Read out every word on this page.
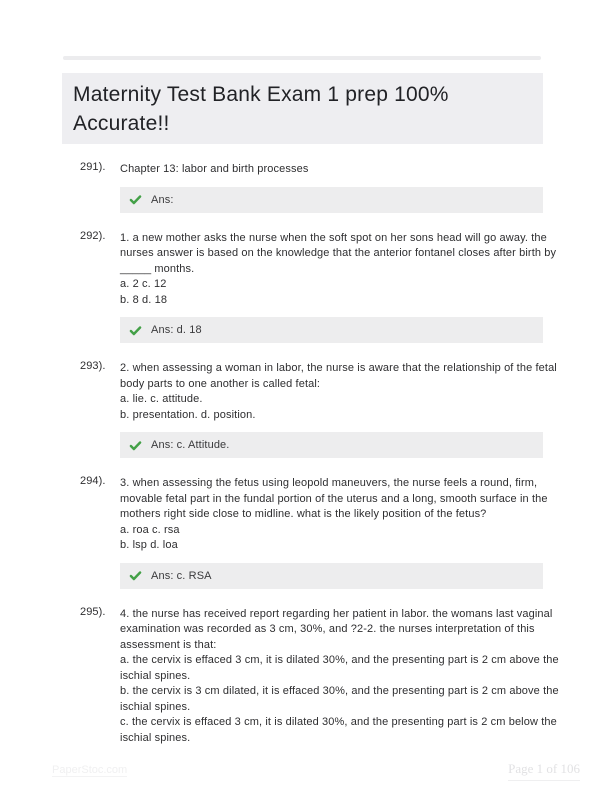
Maternity Test Bank Exam 1 prep 100%
Accurate!!
291).	Chapter 13: labor and birth processes
Ans:
292).	1. a new mother asks the nurse when the soft spot on her sons head will go away. the
nurses answer is based on the knowledge that the anterior fontanel closes after birth by
_____ months.
a. 2 c. 12
b. 8 d. 18
Ans: d. 18
293).	2. when assessing a woman in labor, the nurse is aware that the relationship of the fetal
body parts to one another is called fetal:
a. lie. c. attitude.
b. presentation. d. position.
Ans: c. Attitude.
294).	3. when assessing the fetus using leopold maneuvers, the nurse feels a round, firm,
movable fetal part in the fundal portion of the uterus and a long, smooth surface in the
mothers right side close to midline. what is the likely position of the fetus?
a. roa c. rsa
b. lsp d. loa
Ans: c. RSA
295).	4. the nurse has received report regarding her patient in labor. the womans last vaginal
examination was recorded as 3 cm, 30%, and ?2-2. the nurses interpretation of this
assessment is that:
a. the cervix is effaced 3 cm, it is dilated 30%, and the presenting part is 2 cm above the
ischial spines.
b. the cervix is 3 cm dilated, it is effaced 30%, and the presenting part is 2 cm above the
ischial spines.
c. the cervix is effaced 3 cm, it is dilated 30%, and the presenting part is 2 cm below the
ischial spines.
PaperStoc.com	Page 1 of 106
